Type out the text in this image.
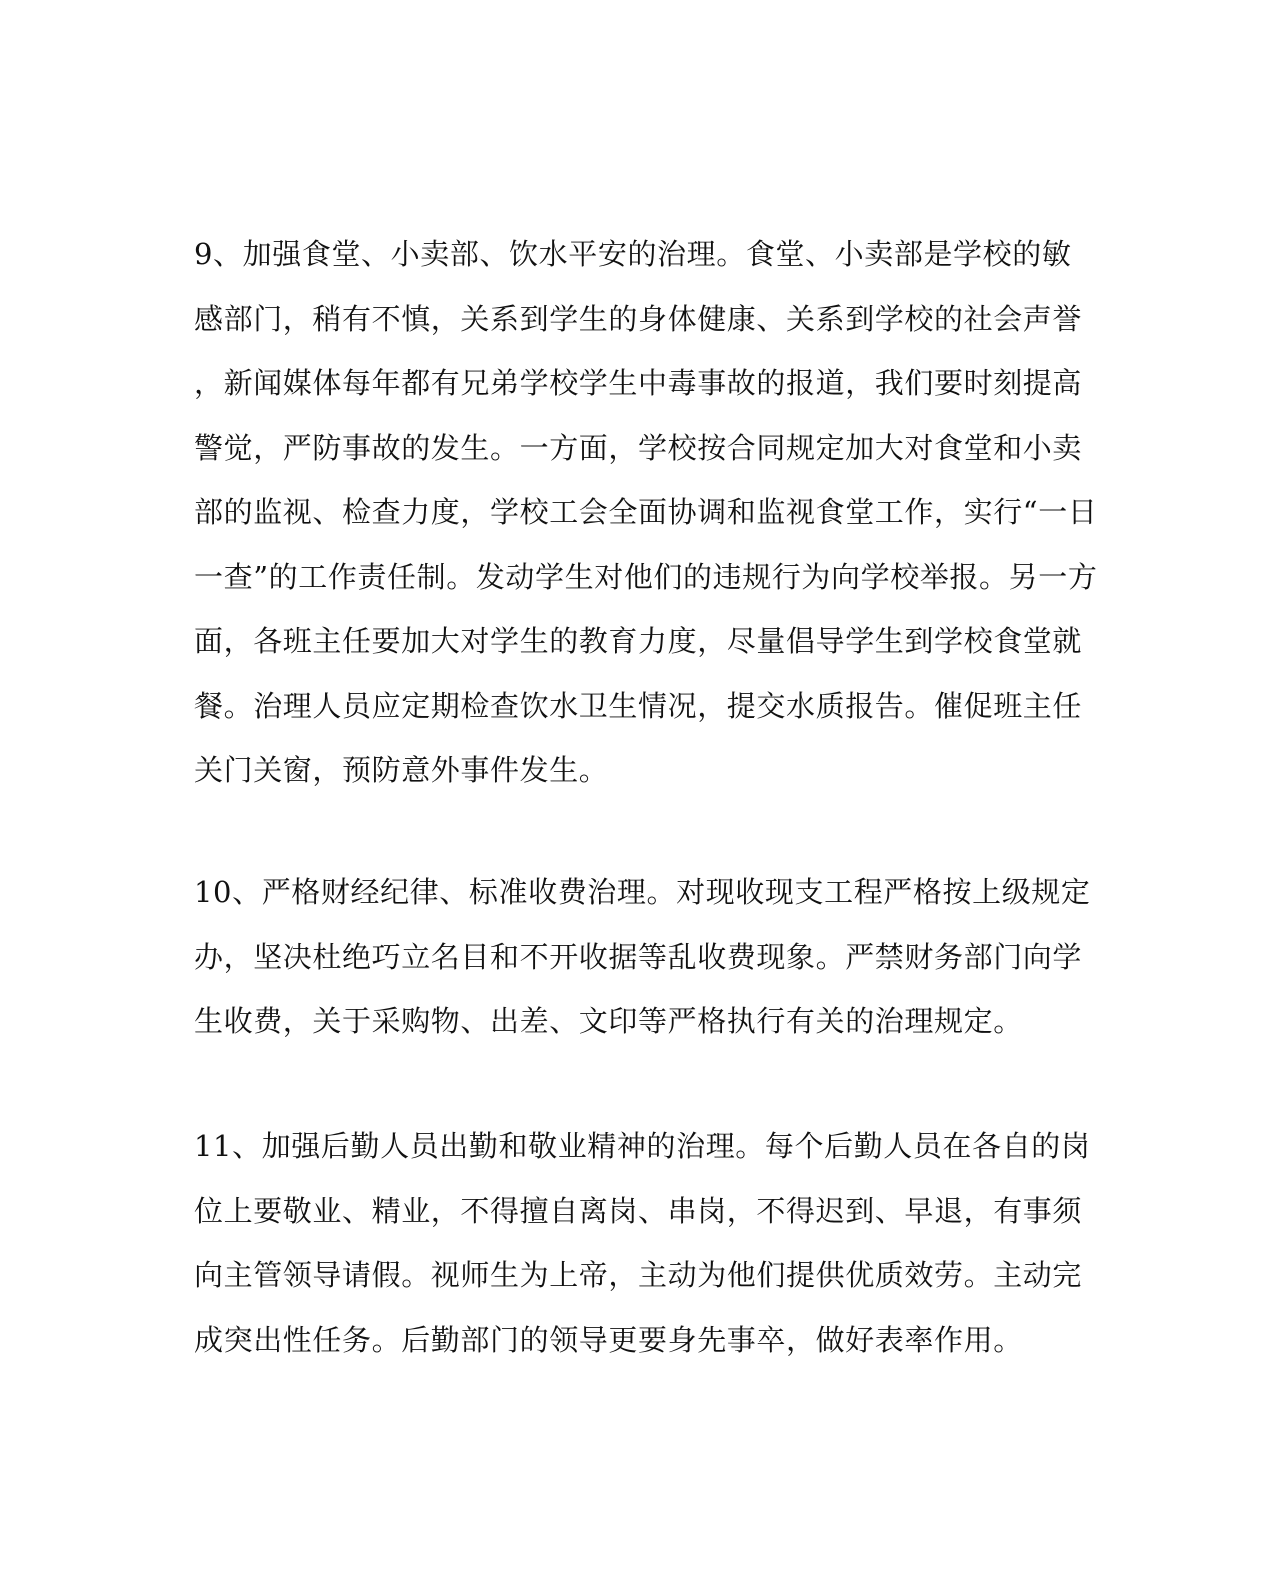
9、加强食堂、小卖部、饮水平安的治理。食堂、小卖部是学校的敏
感部门，稍有不慎，关系到学生的身体健康、关系到学校的社会声誉
，新闻媒体每年都有兄弟学校学生中毒事故的报道，我们要时刻提高
警觉，严防事故的发生。一方面，学校按合同规定加大对食堂和小卖
部的监视、检查力度，学校工会全面协调和监视食堂工作，实行“一日
一查”的工作责任制。发动学生对他们的违规行为向学校举报。另一方
面，各班主任要加大对学生的教育力度，尽量倡导学生到学校食堂就
餐。治理人员应定期检查饮水卫生情况，提交水质报告。催促班主任
关门关窗，预防意外事件发生。

10、严格财经纪律、标准收费治理。对现收现支工程严格按上级规定
办，坚决杜绝巧立名目和不开收据等乱收费现象。严禁财务部门向学
生收费，关于采购物、出差、文印等严格执行有关的治理规定。

11、加强后勤人员出勤和敬业精神的治理。每个后勤人员在各自的岗
位上要敬业、精业，不得擅自离岗、串岗，不得迟到、早退，有事须
向主管领导请假。视师生为上帝，主动为他们提供优质效劳。主动完
成突出性任务。后勤部门的领导更要身先事卒，做好表率作用。
